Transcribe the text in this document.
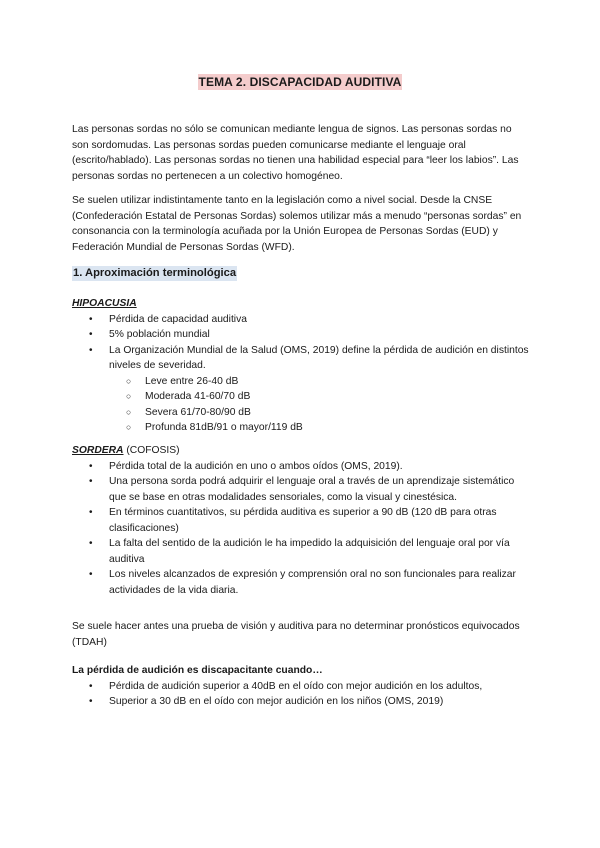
TEMA 2. DISCAPACIDAD AUDITIVA

Las personas sordas no sólo se comunican mediante lengua de signos. Las personas sordas no son sordomudas. Las personas sordas pueden comunicarse mediante el lenguaje oral (escrito/hablado). Las personas sordas no tienen una habilidad especial para “leer los labios”. Las personas sordas no pertenecen a un colectivo homogéneo.

Se suelen utilizar indistintamente tanto en la legislación como a nivel social. Desde la CNSE (Confederación Estatal de Personas Sordas) solemos utilizar más a menudo “personas sordas” en consonancia con la terminología acuñada por la Unión Europea de Personas Sordas (EUD) y Federación Mundial de Personas Sordas (WFD).

1. Aproximación terminológica
HIPOACUSIA
• Pérdida de capacidad auditiva
• 5% población mundial
• La Organización Mundial de la Salud (OMS, 2019) define la pérdida de audición en distintos niveles de severidad.
○ Leve entre 26-40 dB
○ Moderada 41-60/70 dB
○ Severa 61/70-80/90 dB
○ Profunda 81dB/91 o mayor/119 dB
SORDERA (COFOSIS)
• Pérdida total de la audición en uno o ambos oídos (OMS, 2019).
• Una persona sorda podrá adquirir el lenguaje oral a través de un aprendizaje sistemático que se base en otras modalidades sensoriales, como la visual y cinestésica.
• En términos cuantitativos, su pérdida auditiva es superior a 90 dB (120 dB para otras clasificaciones)
• La falta del sentido de la audición le ha impedido la adquisición del lenguaje oral por vía auditiva
• Los niveles alcanzados de expresión y comprensión oral no son funcionales para realizar actividades de la vida diaria.

Se suele hacer antes una prueba de visión y auditiva para no determinar pronósticos equivocados (TDAH)

La pérdida de audición es discapacitante cuando…
• Pérdida de audición superior a 40dB en el oído con mejor audición en los adultos,
• Superior a 30 dB en el oído con mejor audición en los niños (OMS, 2019)
